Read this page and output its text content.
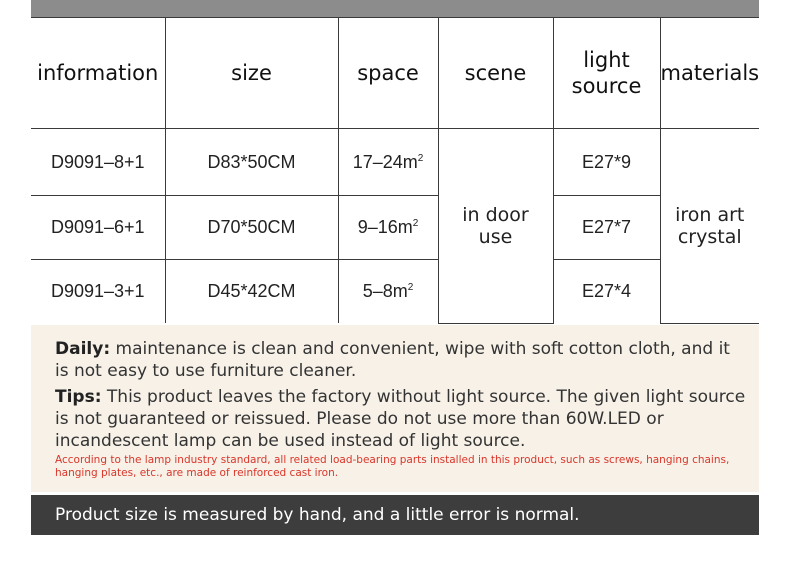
information	size	space	scene	light source	materials
D9091–8+1	D83*50CM	$17-24m^2$	in door use	E27*9	iron art crystal

D9091–6+1	D70*50CM	$9-16m^2$		E27*7	
D9091–3+1	D45*42CM	$5-8m^2$		E27*4	
Daily: maintenance is clean and convenient, wipe with soft cotton cloth, and it is not easy to use furniture cleaner.
Tips: This product leaves the factory without light source. The given light source is not guaranteed or reissued. Please do not use more than 60W.LED or incandescent lamp can be used instead of light source.
According to the lamp industry standard, all related load-bearing parts installed in this product, such as screws, hanging chains, hanging plates, etc., are made of reinforced cast iron.
Product size is measured by hand, and a little error is normal.
